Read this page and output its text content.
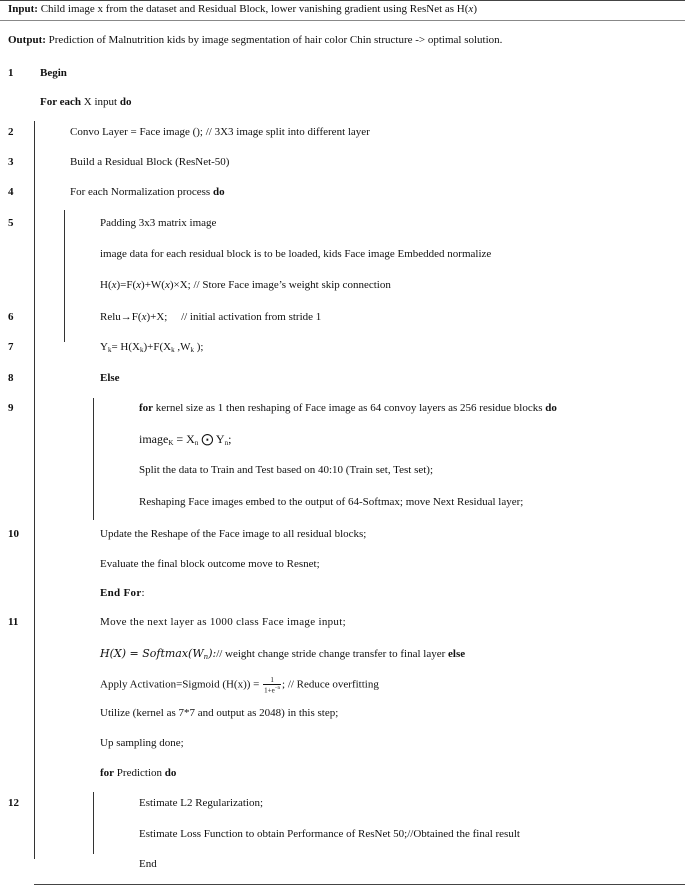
Input: Child image x from the dataset and Residual Block, lower vanishing gradient using ResNet as H(x)
Output: Prediction of Malnutrition kids by image segmentation of hair color Chin structure -> optimal solution.
1
2
3
4
5
6
7
8
9
10
11
12
Begin
For each X input do
Convo Layer = Face image (); // 3X3 image split into different layer
Build a Residual Block (ResNet-50)
For each Normalization process do
Padding 3x3 matrix image
image data for each residual block is to be loaded, kids Face image Embedded normalize
H(x)=F(x)+W(x)×X; // Store Face image’s weight skip connection
Relu→F(x)+X;     // initial activation from stride 1
Yk= H(Xk)+F(Xk ,Wk );
Else
for kernel size as 1 then reshaping of Face image as 64 convoy layers as 256 residue blocks do
imageK = Xn ⨀ Yn;
Split the data to Train and Test based on 40:10 (Train set, Test set);
Reshaping Face images embed to the output of 64-Softmax; move Next Residual layer;
Update the Reshape of the Face image to all residual blocks;
Evaluate the final block outcome move to Resnet;
End For:
Move the next layer as 1000 class Face image input;
H(X) = Softmax(Wn):// weight change stride change transfer to final layer else
Apply Activation=Sigmoid $(H(x)) = \frac{1}{1+e^{-n}}$ ; // Reduce overfitting
Utilize (kernel as 7*7 and output as 2048) in this step;
Up sampling done;
for Prediction do
Estimate L2 Regularization;
Estimate Loss Function to obtain Performance of ResNet 50;//Obtained the final result
End
